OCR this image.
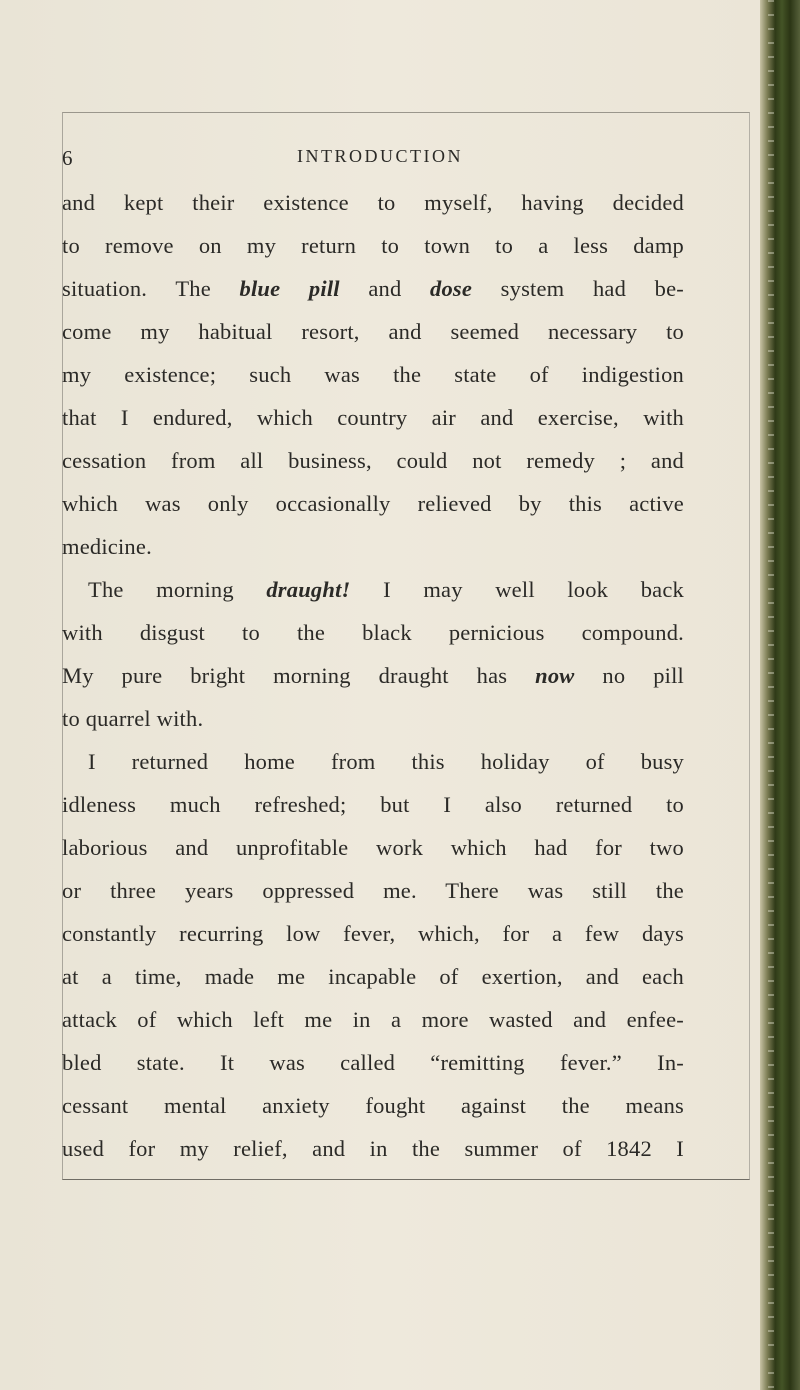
6	INTRODUCTION
and kept their existence to myself, having decided
to remove on my return to town to a less damp
situation. The blue pill and dose system had be-
come my habitual resort, and seemed necessary to
my existence; such was the state of indigestion
that I endured, which country air and exercise, with
cessation from all business, could not remedy ; and
which was only occasionally relieved by this active
medicine.
The morning draught! I may well look back
with disgust to the black pernicious compound.
My pure bright morning draught has now no pill
to quarrel with.
I returned home from this holiday of busy
idleness much refreshed; but I also returned to
laborious and unprofitable work which had for two
or three years oppressed me. There was still the
constantly recurring low fever, which, for a few days
at a time, made me incapable of exertion, and each
attack of which left me in a more wasted and enfee-
bled state. It was called “remitting fever.” In-
cessant mental anxiety fought against the means
used for my relief, and in the summer of 1842 I
